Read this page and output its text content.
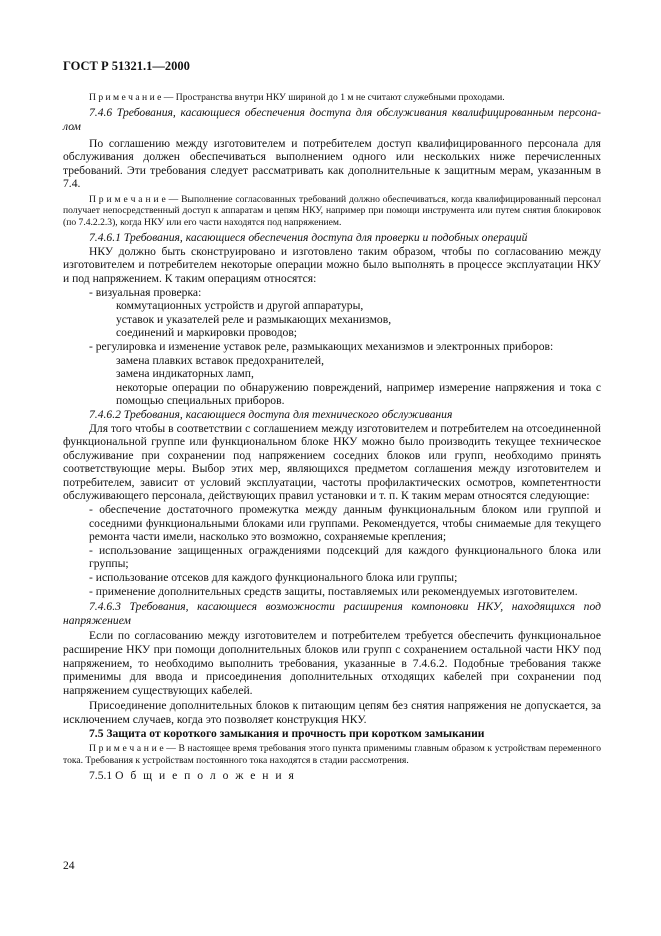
ГОСТ Р 51321.1—2000

П р и м е ч а н и е — Пространства внутри НКУ шириной до 1 м не считают служебными проходами.

7.4.6 Требования, касающиеся обеспечения доступа для обслуживания квалифицированным персона-лом

По соглашению между изготовителем и потребителем доступ квалифицированного персонала для обслуживания должен обеспечиваться выполнением одного или нескольких ниже перечисленных требований. Эти требования следует рассматривать как дополнительные к защитным мерам, указанным в 7.4.

П р и м е ч а н и е — Выполнение согласованных требований должно обеспечиваться, когда квалифицированный персонал получает непосредственный доступ к аппаратам и цепям НКУ, например при помощи инструмента или путем снятия блокировок (по 7.4.2.2.3), когда НКУ или его части находятся под напряжением.

7.4.6.1 Требования, касающиеся обеспечения доступа для проверки и подобных операций

НКУ должно быть сконструировано и изготовлено таким образом, чтобы по согласованию между изготовителем и потребителем некоторые операции можно было выполнять в процессе эксплуатации НКУ и под напряжением. К таким операциям относятся:

- визуальная проверка:

коммутационных устройств и другой аппаратуры,

уставок и указателей реле и размыкающих механизмов,

соединений и маркировки проводов;

- регулировка и изменение уставок реле, размыкающих механизмов и электронных приборов:

замена плавких вставок предохранителей,

замена индикаторных ламп,

некоторые операции по обнаружению повреждений, например измерение напряжения и тока с помощью специальных приборов.

7.4.6.2 Требования, касающиеся доступа для технического обслуживания

Для того чтобы в соответствии с соглашением между изготовителем и потребителем на отсоединенной функциональной группе или функциональном блоке НКУ можно было производить текущее техническое обслуживание при сохранении под напряжением соседних блоков или групп, необходимо принять соответствующие меры. Выбор этих мер, являющихся предметом соглашения между изготовителем и потребителем, зависит от условий эксплуатации, частоты профилактических осмотров, компетентности обслуживающего персонала, действующих правил установки и т. п. К таким мерам относятся следующие:

- обеспечение достаточного промежутка между данным функциональным блоком или группой и соседними функциональными блоками или группами. Рекомендуется, чтобы снимаемые для текущего ремонта части имели, насколько это возможно, сохраняемые крепления;

- использование защищенных ограждениями подсекций для каждого функционального блока или группы;

- использование отсеков для каждого функционального блока или группы;

- применение дополнительных средств защиты, поставляемых или рекомендуемых изготовителем.

7.4.6.3 Требования, касающиеся возможности расширения компоновки НКУ, находящихся под напряжением

Если по согласованию между изготовителем и потребителем требуется обеспечить функциональное расширение НКУ при помощи дополнительных блоков или групп с сохранением остальной части НКУ под напряжением, то необходимо выполнить требования, указанные в 7.4.6.2. Подобные требования также применимы для ввода и присоединения дополнительных отходящих кабелей при сохранении под напряжением существующих кабелей.

Присоединение дополнительных блоков к питающим цепям без снятия напряжения не допускается, за исключением случаев, когда это позволяет конструкция НКУ.

7.5 Защита от короткого замыкания и прочность при коротком замыкании

П р и м е ч а н и е — В настоящее время требования этого пункта применимы главным образом к устройствам переменного тока. Требования к устройствам постоянного тока находятся в стадии рассмотрения.

7.5.1 О б щ и е п о л о ж е н и я

24
